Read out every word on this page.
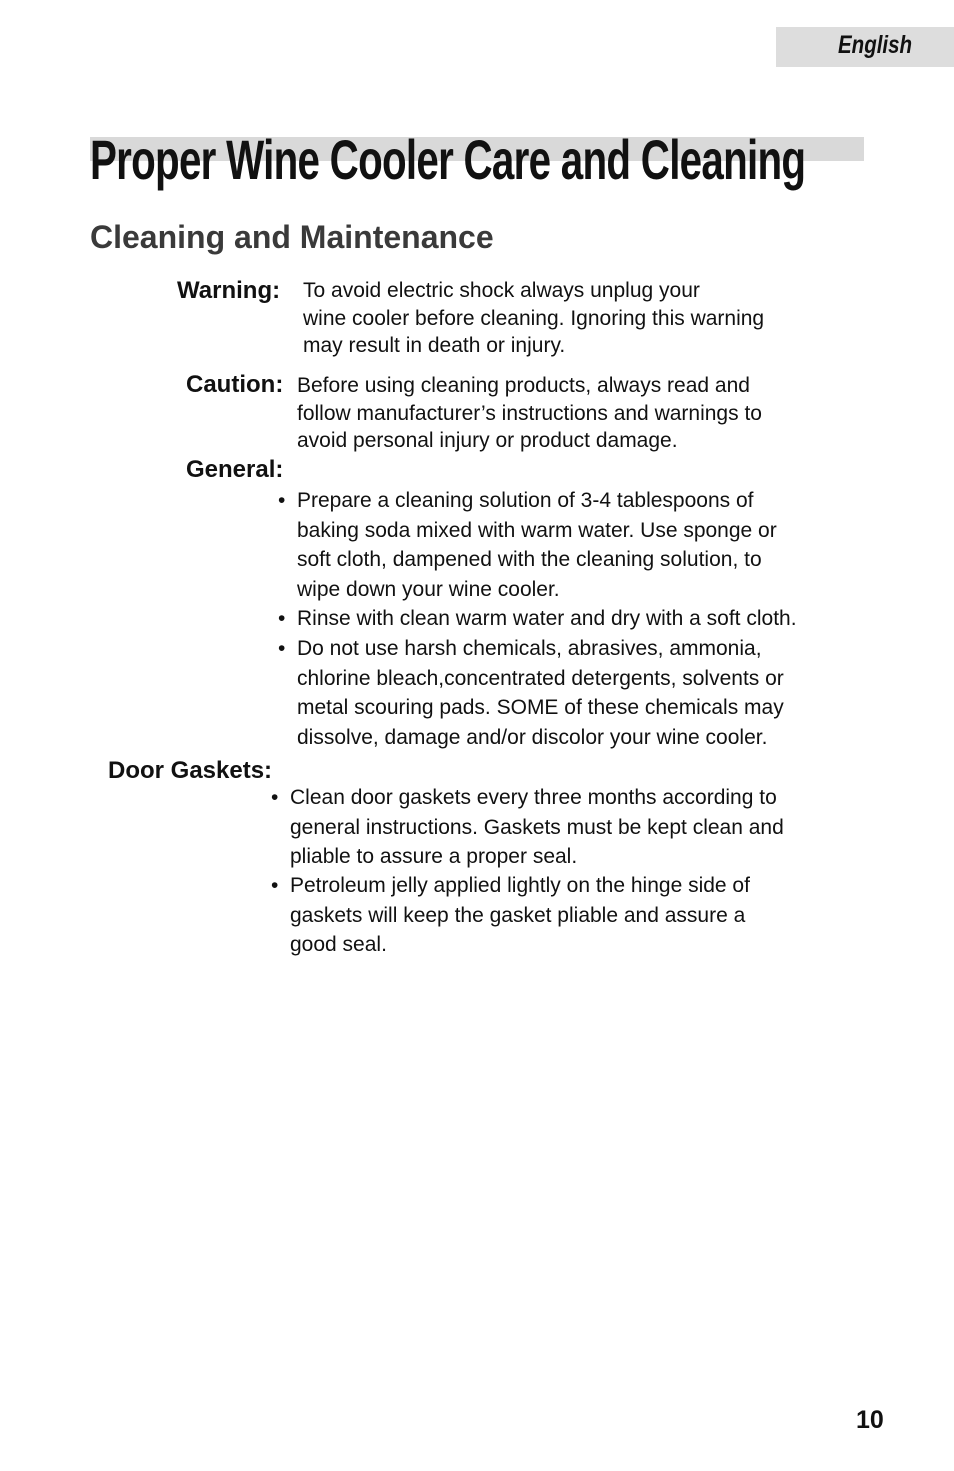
English
Proper Wine Cooler Care and Cleaning
Cleaning and Maintenance
Warning: To avoid electric shock always unplug your
wine cooler before cleaning. Ignoring this warning
may result in death or injury.
Caution: Before using cleaning products, always read and
follow manufacturer’s instructions and warnings to
avoid personal injury or product damage.
General:
• Prepare a cleaning solution of 3-4 tablespoons of
baking soda mixed with warm water. Use sponge or
soft cloth, dampened with the cleaning solution, to
wipe down your wine cooler.
• Rinse with clean warm water and dry with a soft cloth.
• Do not use harsh chemicals, abrasives, ammonia,
chlorine bleach,concentrated detergents, solvents or
metal scouring pads. SOME of these chemicals may
dissolve, damage and/or discolor your wine cooler.
Door Gaskets:
• Clean door gaskets every three months according to
general instructions. Gaskets must be kept clean and
pliable to assure a proper seal.
• Petroleum jelly applied lightly on the hinge side of
gaskets will keep the gasket pliable and assure a
good seal.
10
